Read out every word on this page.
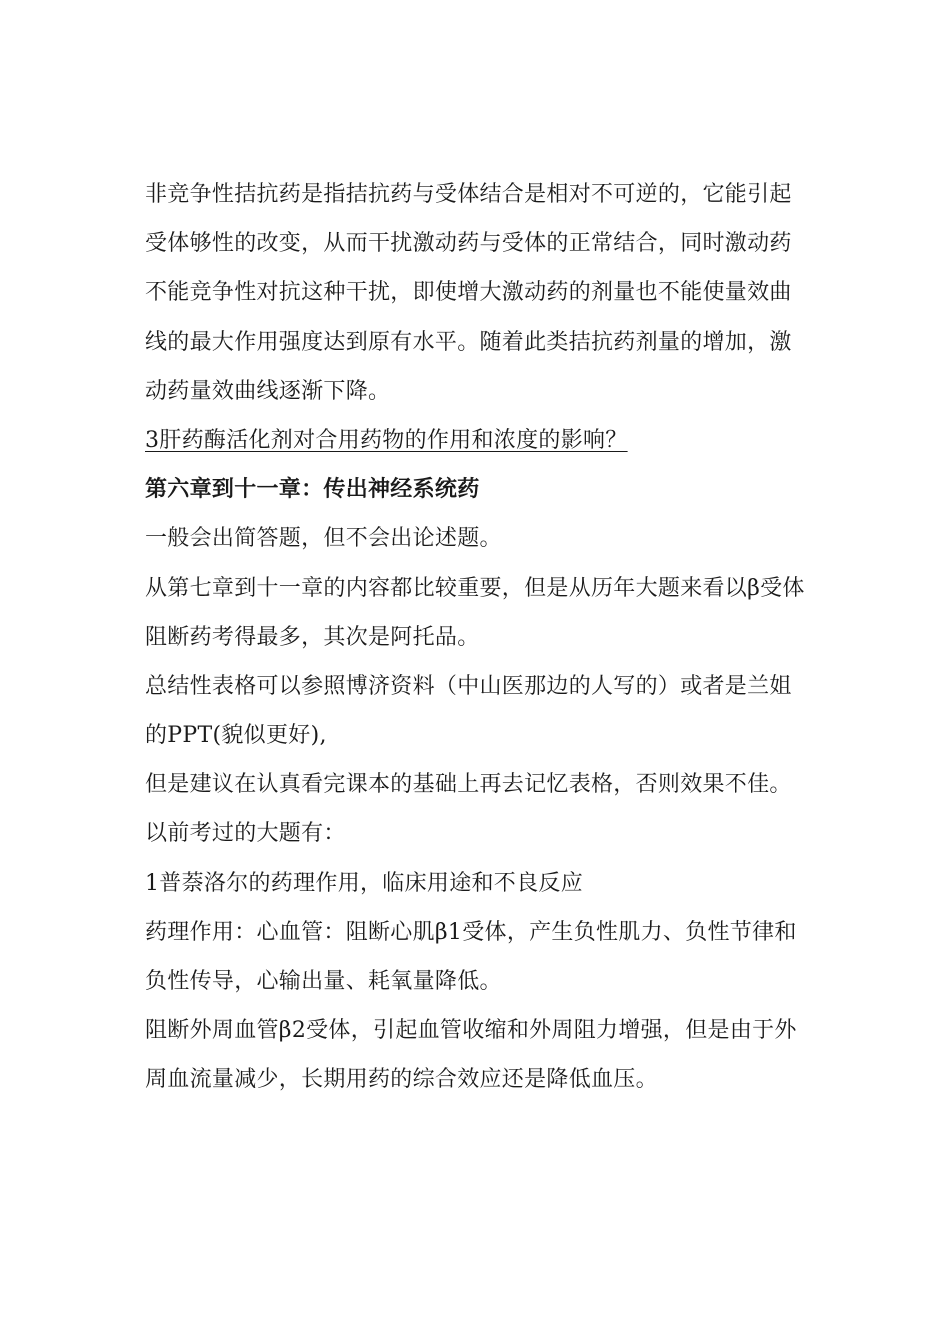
非竞争性拮抗药是指拮抗药与受体结合是相对不可逆的，它能引起
受体够性的改变，从而干扰激动药与受体的正常结合，同时激动药
不能竞争性对抗这种干扰，即使增大激动药的剂量也不能使量效曲
线的最大作用强度达到原有水平。随着此类拮抗药剂量的增加，激
动药量效曲线逐渐下降。
3肝药酶活化剂对合用药物的作用和浓度的影响？
第六章到十一章：传出神经系统药
一般会出简答题，但不会出论述题。
从第七章到十一章的内容都比较重要，但是从历年大题来看以β受体
阻断药考得最多，其次是阿托品。
总结性表格可以参照博济资料（中山医那边的人写的）或者是兰姐
的PPT(貌似更好),
但是建议在认真看完课本的基础上再去记忆表格，否则效果不佳。
以前考过的大题有：
1普萘洛尔的药理作用，临床用途和不良反应
药理作用：心血管：阻断心肌β1受体，产生负性肌力、负性节律和
负性传导，心输出量、耗氧量降低。
阻断外周血管β2受体，引起血管收缩和外周阻力增强，但是由于外
周血流量减少，长期用药的综合效应还是降低血压。
